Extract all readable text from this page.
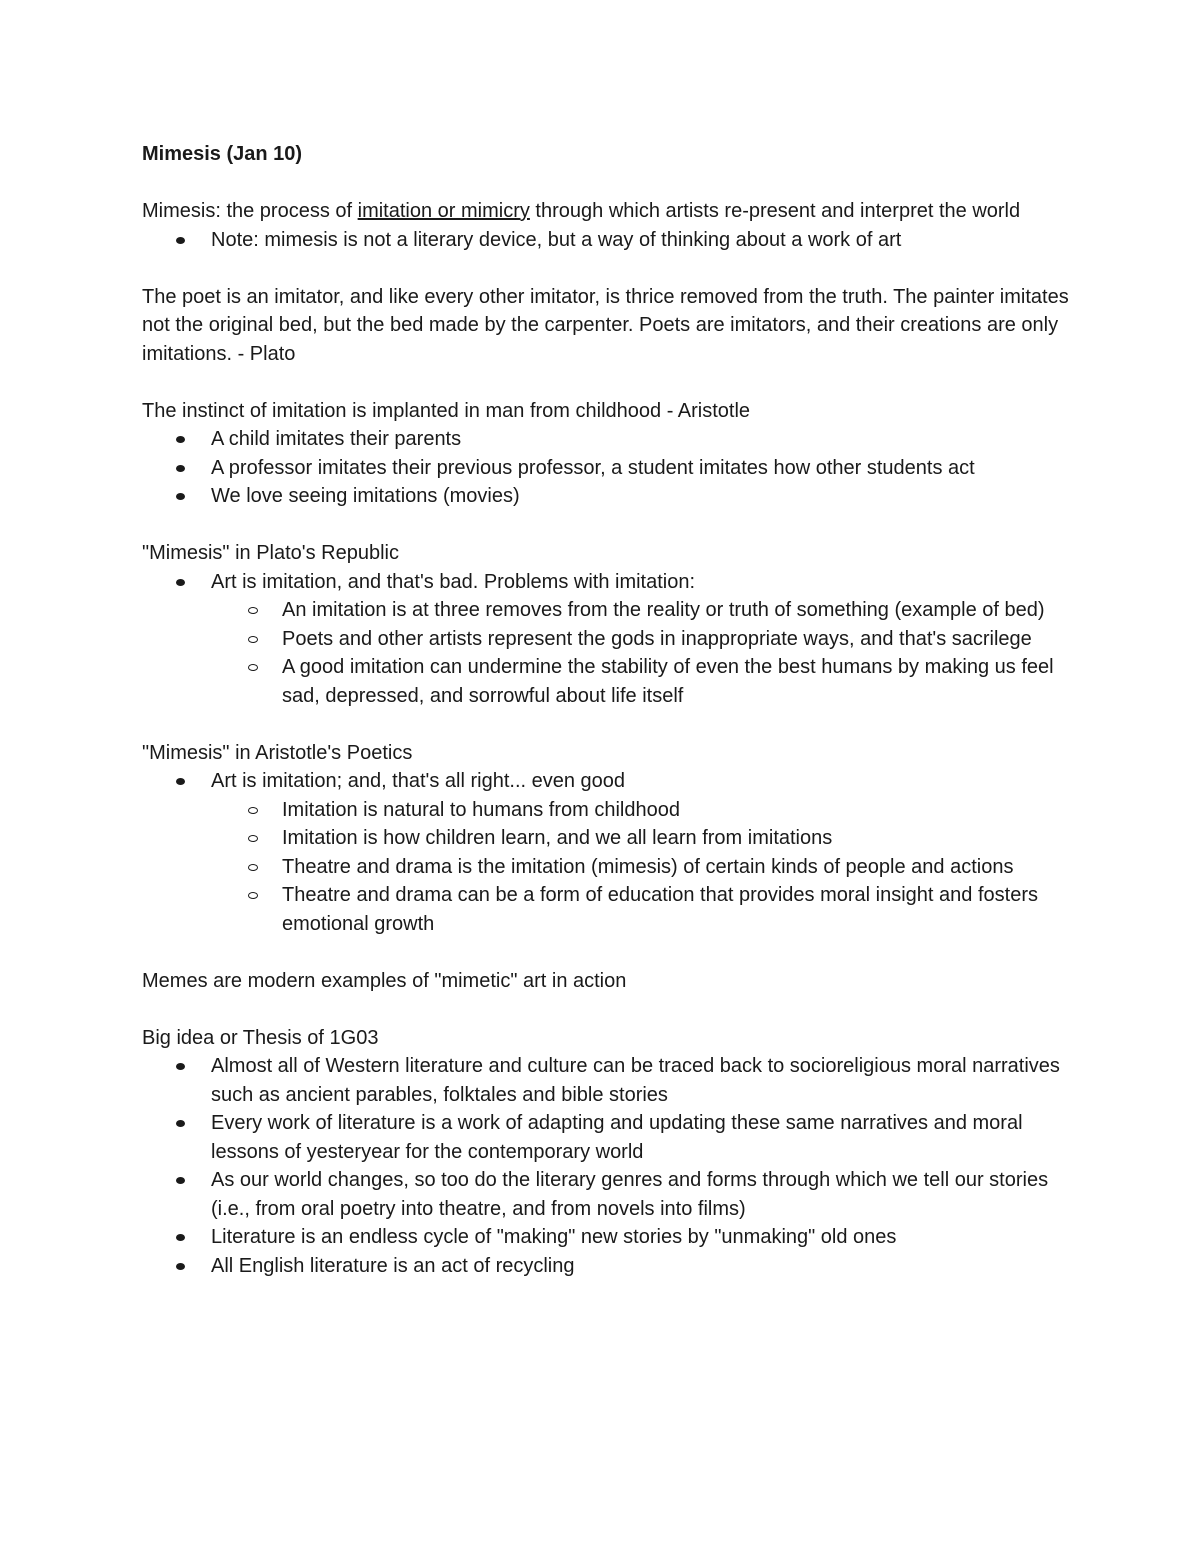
Mimesis (Jan 10)

Mimesis: the process of imitation or mimicry through which artists re-present and interpret the world

Note: mimesis is not a literary device, but a way of thinking about a work of art

The poet is an imitator, and like every other imitator, is thrice removed from the truth. The painter imitates not the original bed, but the bed made by the carpenter. Poets are imitators, and their creations are only imitations. - Plato

The instinct of imitation is implanted in man from childhood - Aristotle

A child imitates their parents
A professor imitates their previous professor, a student imitates how other students act
We love seeing imitations (movies)

"Mimesis" in Plato's Republic

Art is imitation, and that's bad. Problems with imitation:
An imitation is at three removes from the reality or truth of something (example of bed)
Poets and other artists represent the gods in inappropriate ways, and that's sacrilege
A good imitation can undermine the stability of even the best humans by making us feel sad, depressed, and sorrowful about life itself

"Mimesis" in Aristotle's Poetics

Art is imitation; and, that's all right... even good
Imitation is natural to humans from childhood
Imitation is how children learn, and we all learn from imitations
Theatre and drama is the imitation (mimesis) of certain kinds of people and actions
Theatre and drama can be a form of education that provides moral insight and fosters emotional growth

Memes are modern examples of "mimetic" art in action

Big idea or Thesis of 1G03

Almost all of Western literature and culture can be traced back to socioreligious moral narratives such as ancient parables, folktales and bible stories
Every work of literature is a work of adapting and updating these same narratives and moral lessons of yesteryear for the contemporary world
As our world changes, so too do the literary genres and forms through which we tell our stories (i.e., from oral poetry into theatre, and from novels into films)
Literature is an endless cycle of "making" new stories by "unmaking" old ones
All English literature is an act of recycling
